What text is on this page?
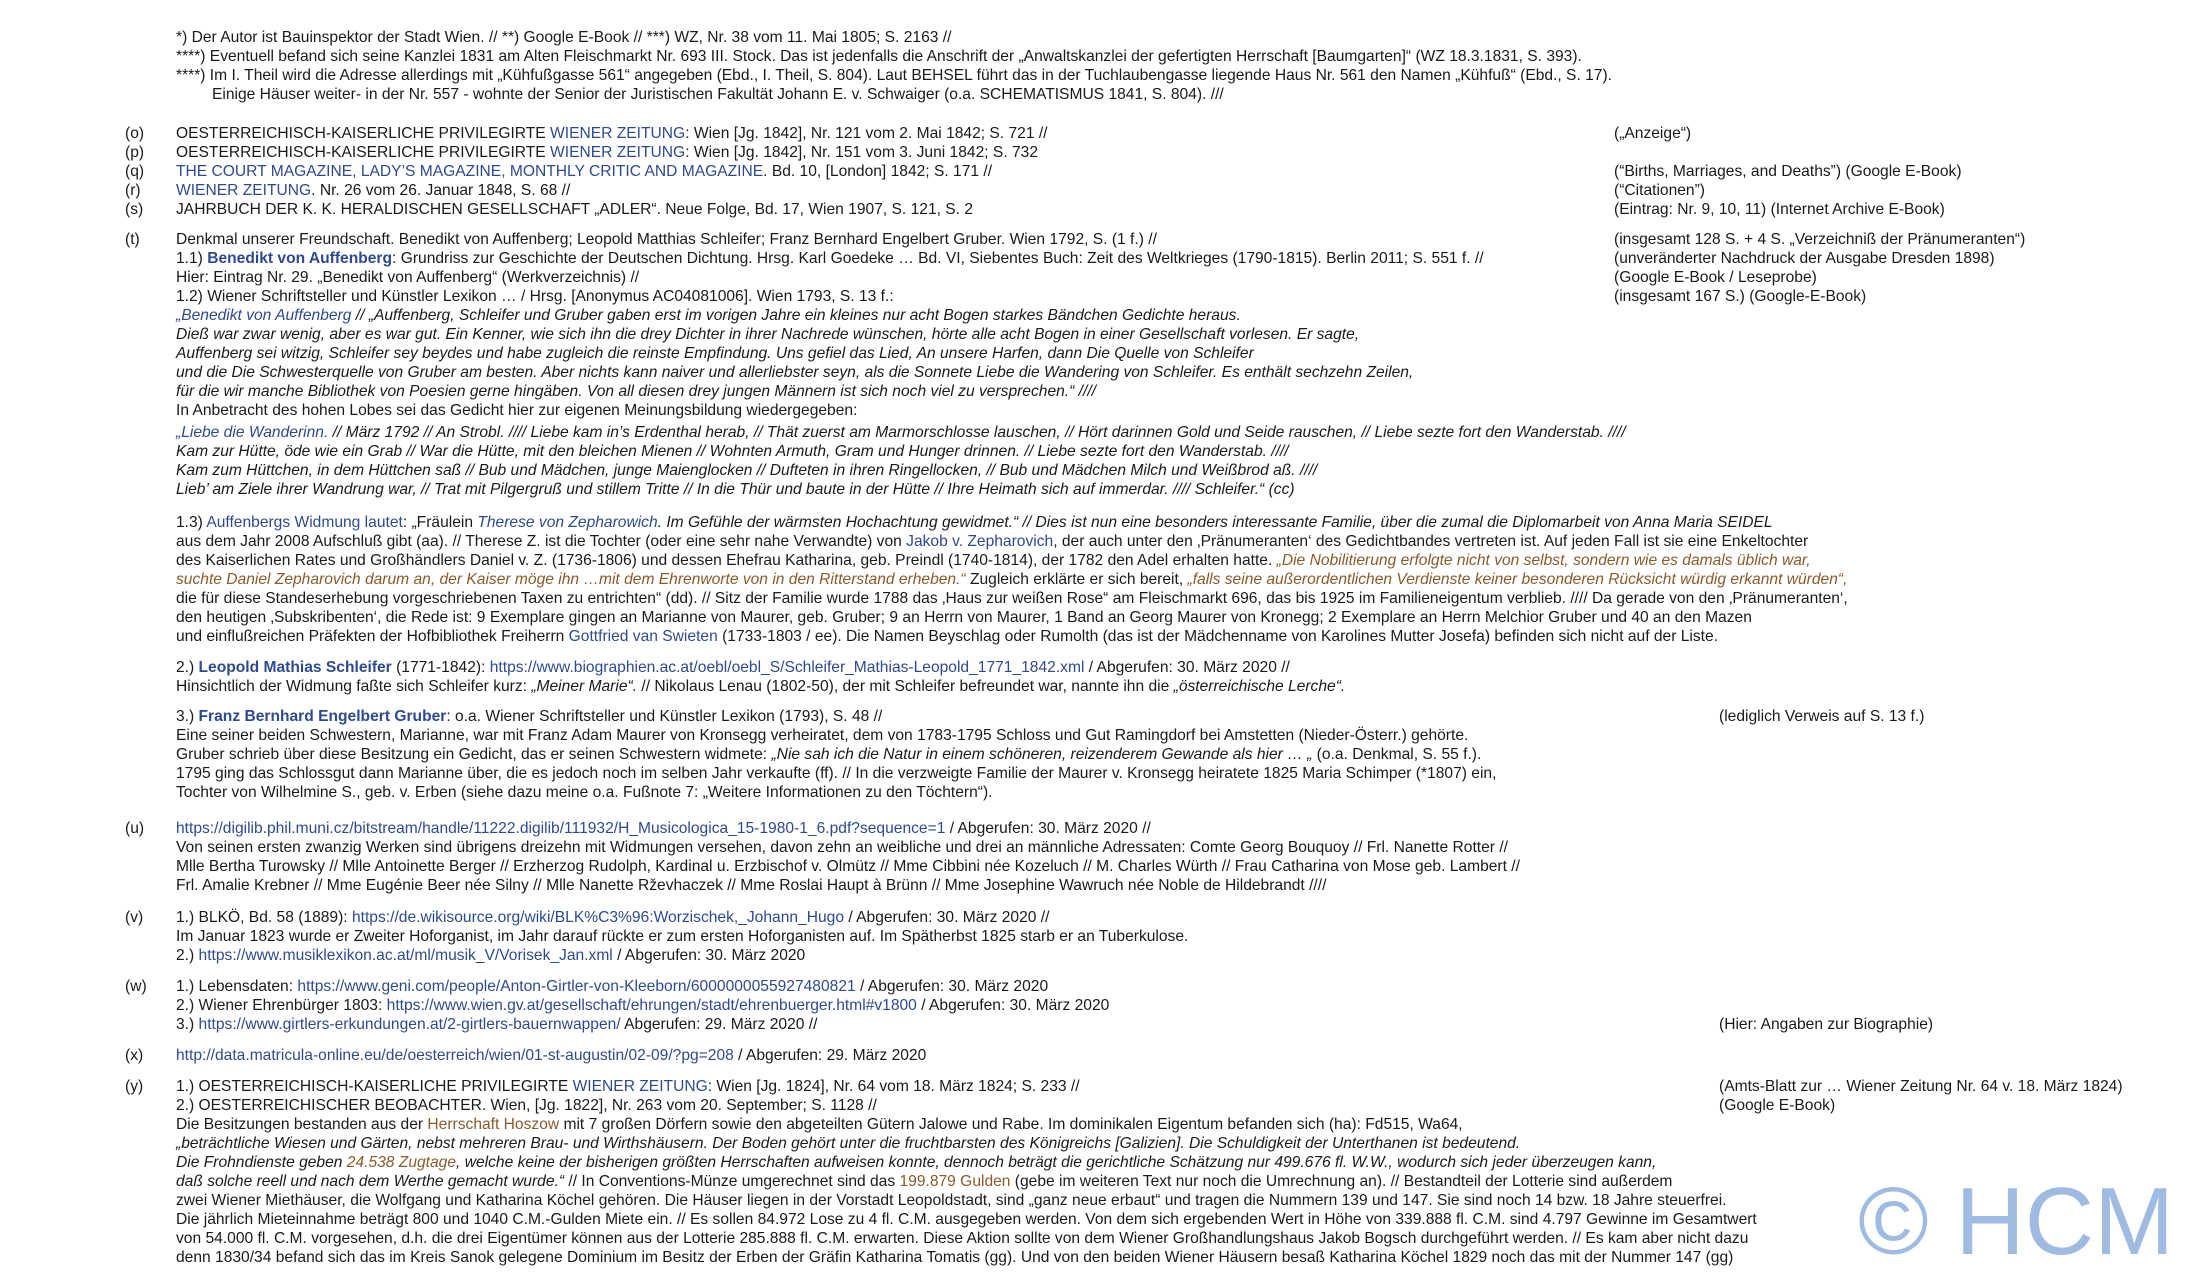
*) Der Autor ist Bauinspektor der Stadt Wien. // **) Google E-Book // ***) WZ, Nr. 38 vom 11. Mai 1805; S. 2163 //
****) Eventuell befand sich seine Kanzlei 1831 am Alten Fleischmarkt Nr. 693 III. Stock. Das ist jedenfalls die Anschrift der „Anwaltskanzlei der gefertigten Herrschaft [Baumgarten]“ (WZ 18.3.1831, S. 393).
****) Im I. Theil wird die Adresse allerdings mit „Kühfußgasse 561“ angegeben (Ebd., I. Theil, S. 804). Laut BEHSEL führt das in der Tuchlaubengasse liegende Haus Nr. 561 den Namen „Kühfuß“ (Ebd., S. 17).
Einige Häuser weiter- in der Nr. 557 - wohnte der Senior der Juristischen Fakultät Johann E. v. Schwaiger (o.a. SCHEMATISMUS 1841, S. 804). ///
(o) OESTERREICHISCH-KAISERLICHE PRIVILEGIRTE WIENER ZEITUNG: Wien [Jg. 1842], Nr. 121 vom 2. Mai 1842; S. 721 //	(„Anzeige“)
(p) OESTERREICHISCH-KAISERLICHE PRIVILEGIRTE WIENER ZEITUNG: Wien [Jg. 1842], Nr. 151 vom 3. Juni 1842; S. 732
(q) THE COURT MAGAZINE, LADY’S MAGAZINE, MONTHLY CRITIC AND MAGAZINE. Bd. 10, [London] 1842; S. 171 //	(“Births, Marriages, and Deaths”) (Google E-Book)
(r) WIENER ZEITUNG. Nr. 26 vom 26. Januar 1848, S. 68 //	(“Citationen”)
(s) JAHRBUCH DER K. K. HERALDISCHEN GESELLSCHAFT „ADLER“. Neue Folge, Bd. 17, Wien 1907, S. 121, S. 2	(Eintrag: Nr. 9, 10, 11) (Internet Archive E-Book)
(t) Denkmal unserer Freundschaft. Benedikt von Auffenberg; Leopold Matthias Schleifer; Franz Bernhard Engelbert Gruber. Wien 1792, S. (1 f.) //	(insgesamt 128 S. + 4 S. „Verzeichniß der Pränumeranten“)
1.1) Benedikt von Auffenberg: Grundriss zur Geschichte der Deutschen Dichtung. Hrsg. Karl Goedeke … Bd. VI, Siebentes Buch: Zeit des Weltkrieges (1790-1815). Berlin 2011; S. 551 f. //	(unveränderter Nachdruck der Ausgabe Dresden 1898)
Hier: Eintrag Nr. 29. „Benedikt von Auffenberg“ (Werkverzeichnis) //	(Google E-Book / Leseprobe)
1.2) Wiener Schriftsteller und Künstler Lexikon … / Hrsg. [Anonymus AC04081006]. Wien 1793, S. 13 f.:	(insgesamt 167 S.) (Google-E-Book)
„Benedikt von Auffenberg // „Auffenberg, Schleifer und Gruber gaben erst im vorigen Jahre ein kleines nur acht Bogen starkes Bändchen Gedichte heraus.
Dieß war zwar wenig, aber es war gut. Ein Kenner, wie sich ihn die drey Dichter in ihrer Nachrede wünschen, hörte alle acht Bogen in einer Gesellschaft vorlesen. Er sagte,
Auffenberg sei witzig, Schleifer sey beydes und habe zugleich die reinste Empfindung. Uns gefiel das Lied, An unsere Harfen, dann Die Quelle von Schleifer
und die Die Schwesterquelle von Gruber am besten. Aber nichts kann naiver und allerliebster seyn, als die Sonnete Liebe die Wandering von Schleifer. Es enthält sechzehn Zeilen,
für die wir manche Bibliothek von Poesien gerne hingäben. Von all diesen drey jungen Männern ist sich noch viel zu versprechen.“ ////
In Anbetracht des hohen Lobes sei das Gedicht hier zur eigenen Meinungsbildung wiedergegeben:
„Liebe die Wanderinn. // März 1792 // An Strobl. //// Liebe kam in’s Erdenthal herab, // Thät zuerst am Marmorschlosse lauschen, // Hört darinnen Gold und Seide rauschen, // Liebe sezte fort den Wanderstab. ////
Kam zur Hütte, öde wie ein Grab // War die Hütte, mit den bleichen Mienen // Wohnten Armuth, Gram und Hunger drinnen. // Liebe sezte fort den Wanderstab. ////
Kam zum Hüttchen, in dem Hüttchen saß // Bub und Mädchen, junge Maienglocken // Dufteten in ihren Ringellocken, // Bub und Mädchen Milch und Weißbrod aß. ////
Lieb’ am Ziele ihrer Wandrung war, // Trat mit Pilgergruß und stillem Tritte // In die Thür und baute in der Hütte // Ihre Heimath sich auf immerdar. //// Schleifer.“ (cc)
1.3) Auffenbergs Widmung lautet: „Fräulein Therese von Zepharowich. Im Gefühle der wärmsten Hochachtung gewidmet.“ // Dies ist nun eine besonders interessante Familie, über die zumal die Diplomarbeit von Anna Maria SEIDEL
aus dem Jahr 2008 Aufschluß gibt (aa). // Therese Z. ist die Tochter (oder eine sehr nahe Verwandte) von Jakob v. Zepharovich, der auch unter den ‚Pränumeranten‘ des Gedichtbandes vertreten ist. Auf jeden Fall ist sie eine Enkeltochter
des Kaiserlichen Rates und Großhändlers Daniel v. Z. (1736-1806) und dessen Ehefrau Katharina, geb. Preindl (1740-1814), der 1782 den Adel erhalten hatte. „Die Nobilitierung erfolgte nicht von selbst, sondern wie es damals üblich war,
suchte Daniel Zepharovich darum an, der Kaiser möge ihn …mit dem Ehrenworte von in den Ritterstand erheben.“ Zugleich erklärte er sich bereit, „falls seine außerordentlichen Verdienste keiner besonderen Rücksicht würdig erkannt würden“,
die für diese Standeserhebung vorgeschriebenen Taxen zu entrichten“ (dd). // Sitz der Familie wurde 1788 das ‚Haus zur weißen Rose“ am Fleischmarkt 696, das bis 1925 im Familieneigentum verblieb. //// Da gerade von den ‚Pränumeranten‘,
den heutigen ‚Subskribenten‘, die Rede ist: 9 Exemplare gingen an Marianne von Maurer, geb. Gruber; 9 an Herrn von Maurer, 1 Band an Georg Maurer von Kronegg; 2 Exemplare an Herrn Melchior Gruber und 40 an den Mazen
und einflußreichen Präfekten der Hofbibliothek Freiherrn Gottfried van Swieten (1733-1803 / ee). Die Namen Beyschlag oder Rumolth (das ist der Mädchenname von Karolines Mutter Josefa) befinden sich nicht auf der Liste.
2.) Leopold Mathias Schleifer (1771-1842): https://www.biographien.ac.at/oebl/oebl_S/Schleifer_Mathias-Leopold_1771_1842.xml / Abgerufen: 30. März 2020 //
Hinsichtlich der Widmung faßte sich Schleifer kurz: „Meiner Marie“. // Nikolaus Lenau (1802-50), der mit Schleifer befreundet war, nannte ihn die „österreichische Lerche“.
3.) Franz Bernhard Engelbert Gruber: o.a. Wiener Schriftsteller und Künstler Lexikon (1793), S. 48 //	(lediglich Verweis auf S. 13 f.)
Eine seiner beiden Schwestern, Marianne, war mit Franz Adam Maurer von Kronsegg verheiratet, dem von 1783-1795 Schloss und Gut Ramingdorf bei Amstetten (Nieder-Österr.) gehörte.
Gruber schrieb über diese Besitzung ein Gedicht, das er seinen Schwestern widmete: „Nie sah ich die Natur in einem schöneren, reizenderem Gewande als hier … „ (o.a. Denkmal, S. 55 f.).
1795 ging das Schlossgut dann Marianne über, die es jedoch noch im selben Jahr verkaufte (ff). // In die verzweigte Familie der Maurer v. Kronsegg heiratete 1825 Maria Schimper (*1807) ein,
Tochter von Wilhelmine S., geb. v. Erben (siehe dazu meine o.a. Fußnote 7: „Weitere Informationen zu den Töchtern“).
(u) https://digilib.phil.muni.cz/bitstream/handle/11222.digilib/111932/H_Musicologica_15-1980-1_6.pdf?sequence=1 / Abgerufen: 30. März 2020 //
Von seinen ersten zwanzig Werken sind übrigens dreizehn mit Widmungen versehen, davon zehn an weibliche und drei an männliche Adressaten: Comte Georg Bouquoy // Frl. Nanette Rotter //
Mlle Bertha Turowsky // Mlle Antoinette Berger // Erzherzog Rudolph, Kardinal u. Erzbischof v. Olmütz // Mme Cibbini née Kozeluch // M. Charles Würth // Frau Catharina von Mose geb. Lambert //
Frl. Amalie Krebner // Mme Eugénie Beer née Silny // Mlle Nanette Rževhaczek // Mme Roslai Haupt à Brünn // Mme Josephine Wawruch née Noble de Hildebrandt ////
(v) 1.) BLKÖ, Bd. 58 (1889): https://de.wikisource.org/wiki/BLK%C3%96:Worzischek,_Johann_Hugo / Abgerufen: 30. März 2020 //
Im Januar 1823 wurde er Zweiter Hoforganist, im Jahr darauf rückte er zum ersten Hoforganisten auf. Im Spätherbst 1825 starb er an Tuberkulose.
2.) https://www.musiklexikon.ac.at/ml/musik_V/Vorisek_Jan.xml / Abgerufen: 30. März 2020
(w) 1.) Lebensdaten: https://www.geni.com/people/Anton-Girtler-von-Kleeborn/6000000055927480821 / Abgerufen: 30. März 2020
2.) Wiener Ehrenbürger 1803: https://www.wien.gv.at/gesellschaft/ehrungen/stadt/ehrenbuerger.html#v1800 / Abgerufen: 30. März 2020
3.) https://www.girtlers-erkundungen.at/2-girtlers-bauernwappen/ Abgerufen: 29. März 2020 //	(Hier: Angaben zur Biographie)
(x) http://data.matricula-online.eu/de/oesterreich/wien/01-st-augustin/02-09/?pg=208 / Abgerufen: 29. März 2020
(y) 1.) OESTERREICHISCH-KAISERLICHE PRIVILEGIRTE WIENER ZEITUNG: Wien [Jg. 1824], Nr. 64 vom 18. März 1824; S. 233 //	(Amts-Blatt zur … Wiener Zeitung Nr. 64 v. 18. März 1824)
2.) OESTERREICHISCHER BEOBACHTER. Wien, [Jg. 1822], Nr. 263 vom 20. September; S. 1128 //	(Google E-Book)
Die Besitzungen bestanden aus der Herrschaft Hoszow mit 7 großen Dörfern sowie den abgeteilten Gütern Jalowe und Rabe. Im dominikalen Eigentum befanden sich (ha): Fd515, Wa64,
„beträchtliche Wiesen und Gärten, nebst mehreren Brau- und Wirthshäusern. Der Boden gehört unter die fruchtbarsten des Königreichs [Galizien]. Die Schuldigkeit der Unterthanen ist bedeutend.
Die Frohndienste geben 24.538 Zugtage, welche keine der bisherigen größten Herrschaften aufweisen konnte, dennoch beträgt die gerichtliche Schätzung nur 499.676 fl. W.W., wodurch sich jeder überzeugen kann,
daß solche reell und nach dem Werthe gemacht wurde.“ // In Conventions-Münze umgerechnet sind das 199.879 Gulden (gebe im weiteren Text nur noch die Umrechnung an). // Bestandteil der Lotterie sind außerdem
zwei Wiener Miethäuser, die Wolfgang und Katharina Köchel gehören. Die Häuser liegen in der Vorstadt Leopoldstadt, sind „ganz neue erbaut“ und tragen die Nummern 139 und 147. Sie sind noch 14 bzw. 18 Jahre steuerfrei.
Die jährlich Mieteinnahme beträgt 800 und 1040 C.M.-Gulden Miete ein. // Es sollen 84.972 Lose zu 4 fl. C.M. ausgegeben werden. Von dem sich ergebenden Wert in Höhe von 339.888 fl. C.M. sind 4.797 Gewinne im Gesamtwert
von 54.000 fl. C.M. vorgesehen, d.h. die drei Eigentümer können aus der Lotterie 285.888 fl. C.M. erwarten. Diese Aktion sollte von dem Wiener Großhandlungshaus Jakob Bogsch durchgeführt werden. // Es kam aber nicht dazu
denn 1830/34 befand sich das im Kreis Sanok gelegene Dominium im Besitz der Erben der Gräfin Katharina Tomatis (gg). Und von den beiden Wiener Häusern besaß Katharina Köchel 1829 noch das mit der Nummer 147 (gg) © HCM
